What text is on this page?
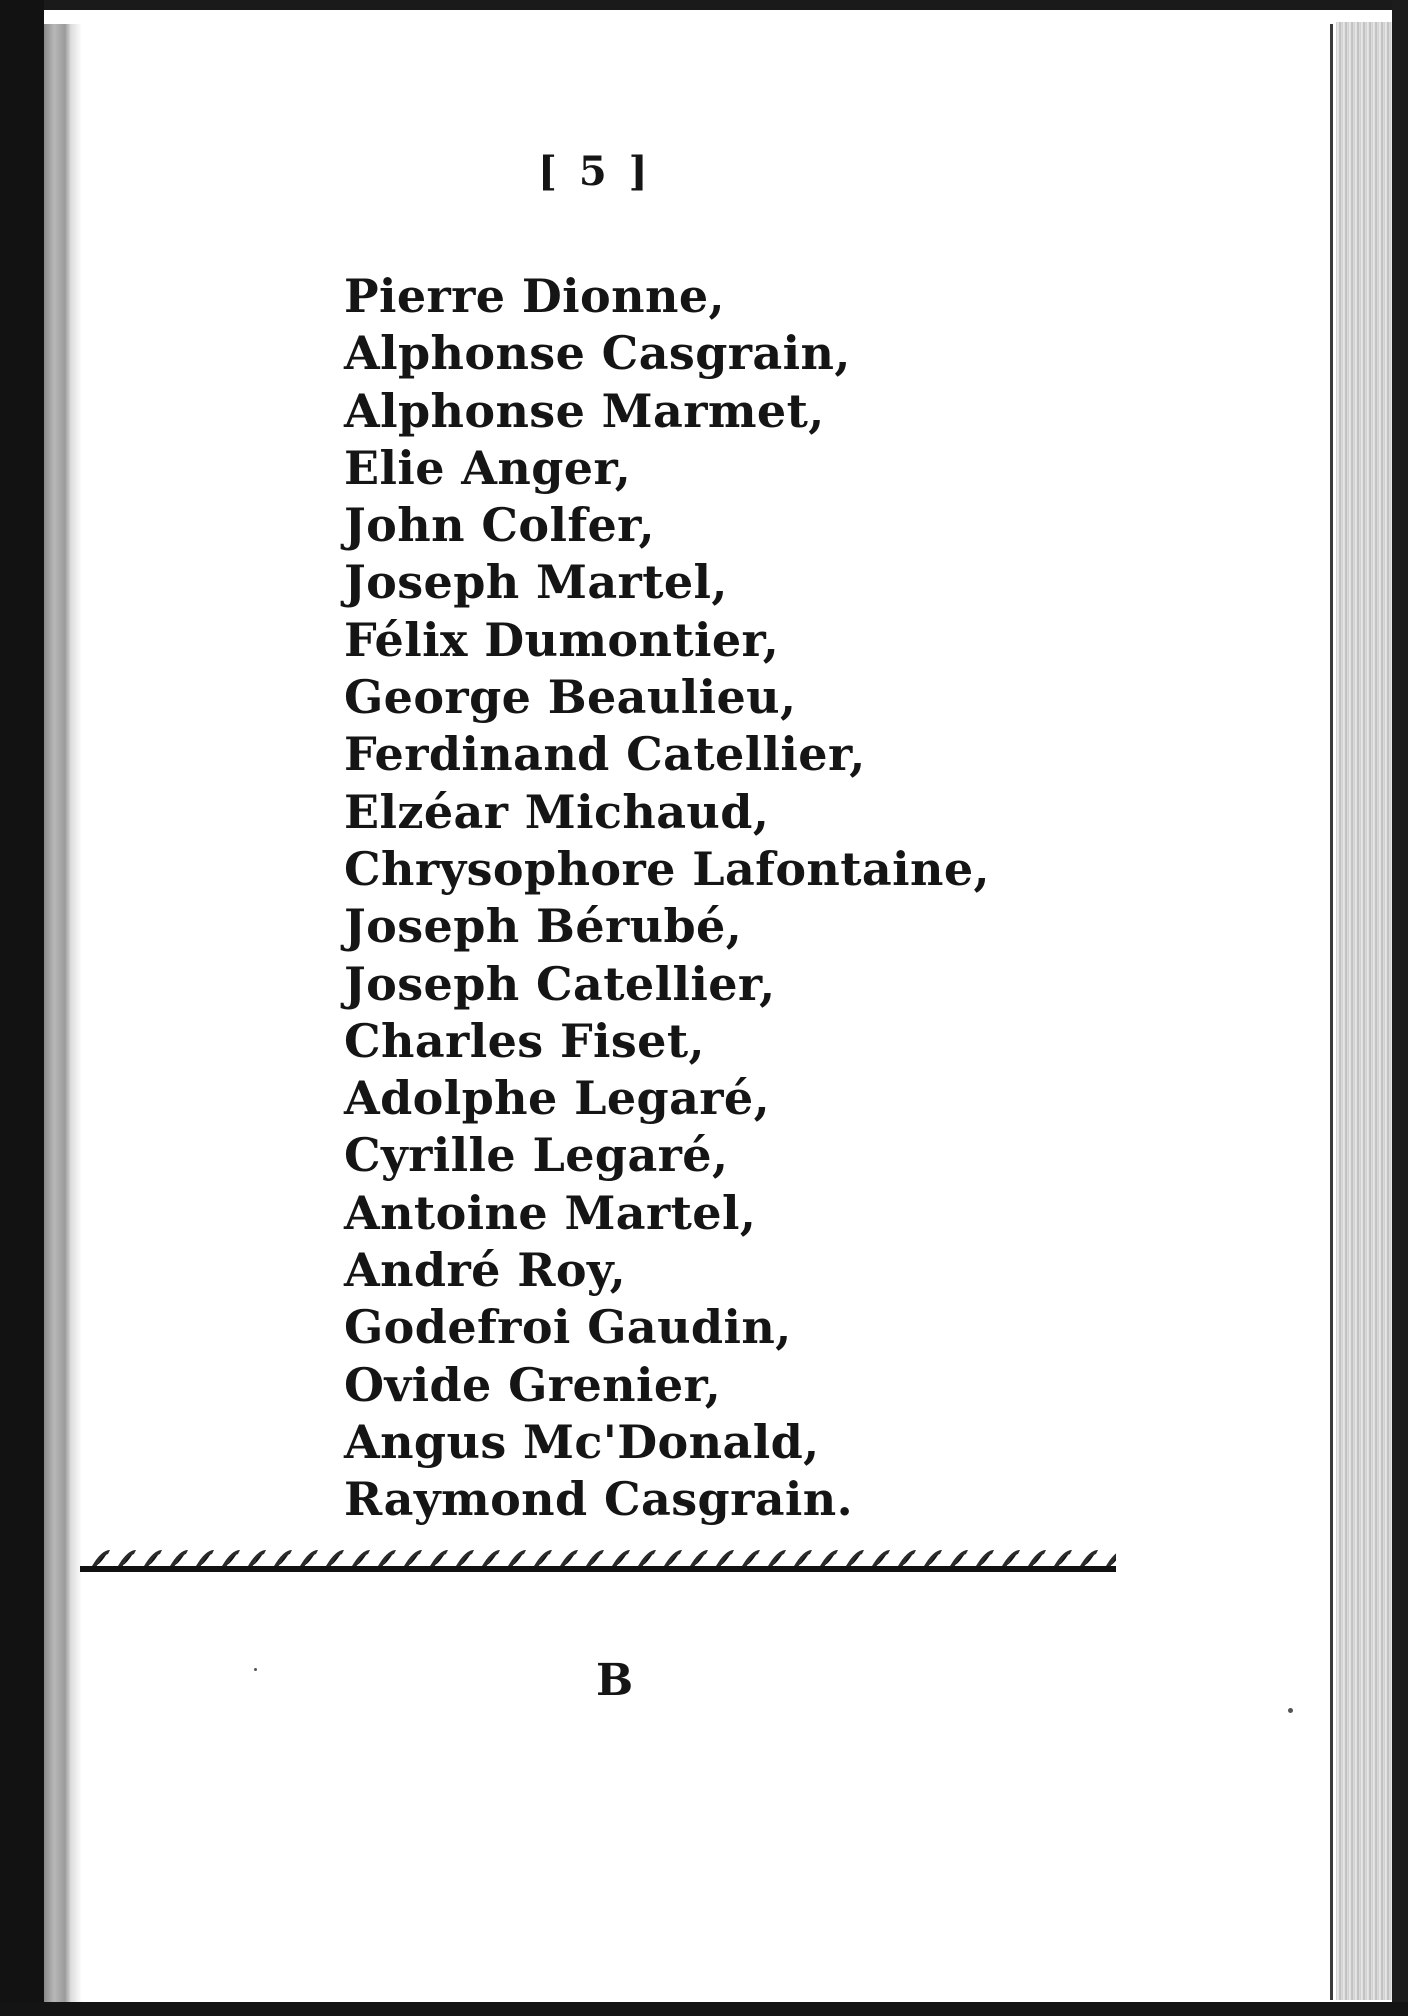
[ 5 ]
Pierre Dionne,
Alphonse Casgrain,
Alphonse Marmet,
Elie Anger,
John Colfer,
Joseph Martel,
Félix Dumontier,
George Beaulieu,
Ferdinand Catellier,
Elzéar Michaud,
Chrysophore Lafontaine,
Joseph Bérubé,
Joseph Catellier,
Charles Fiset,
Adolphe Legaré,
Cyrille Legaré,
Antoine Martel,
André Roy,
Godefroi Gaudin,
Ovide Grenier,
Angus Mc'Donald,
Raymond Casgrain.
B
